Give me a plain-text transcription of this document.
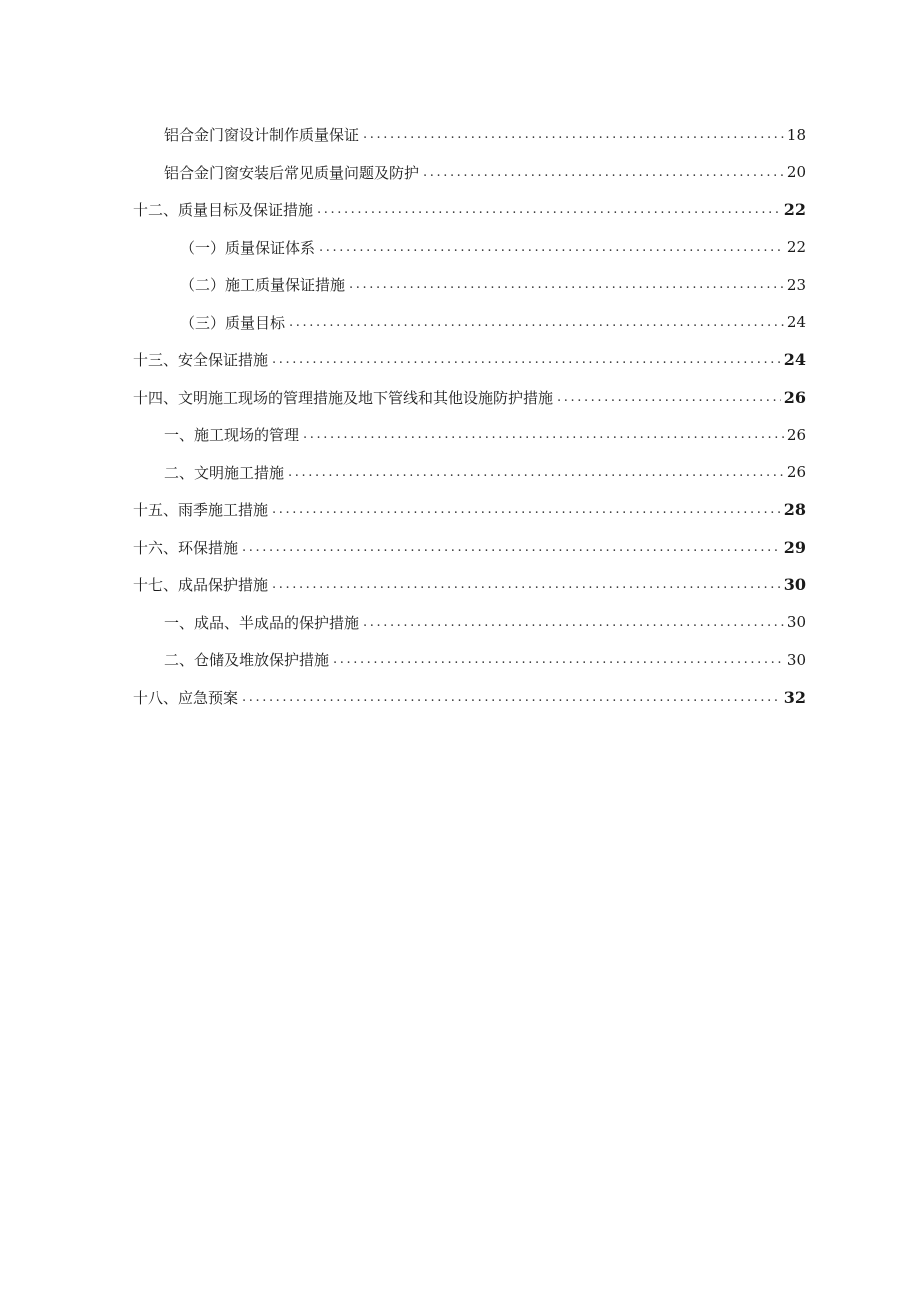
铝合金门窗设计制作质量保证 .....	18
铝合金门窗安装后常见质量问题及防护 .....	20
十二、质量目标及保证措施 .....	22
（一）质量保证体系 .....	22
（二）施工质量保证措施 .....	23
（三）质量目标 .....	24
十三、安全保证措施 .....	24
十四、文明施工现场的管理措施及地下管线和其他设施防护措施 .....	26
一、施工现场的管理 .....	26
二、文明施工措施 .....	26
十五、雨季施工措施 .....	28
十六、环保措施 .....	29
十七、成品保护措施 .....	30
一、成品、半成品的保护措施 .....	30
二、仓储及堆放保护措施 .....	30
十八、应急预案 .....	32
